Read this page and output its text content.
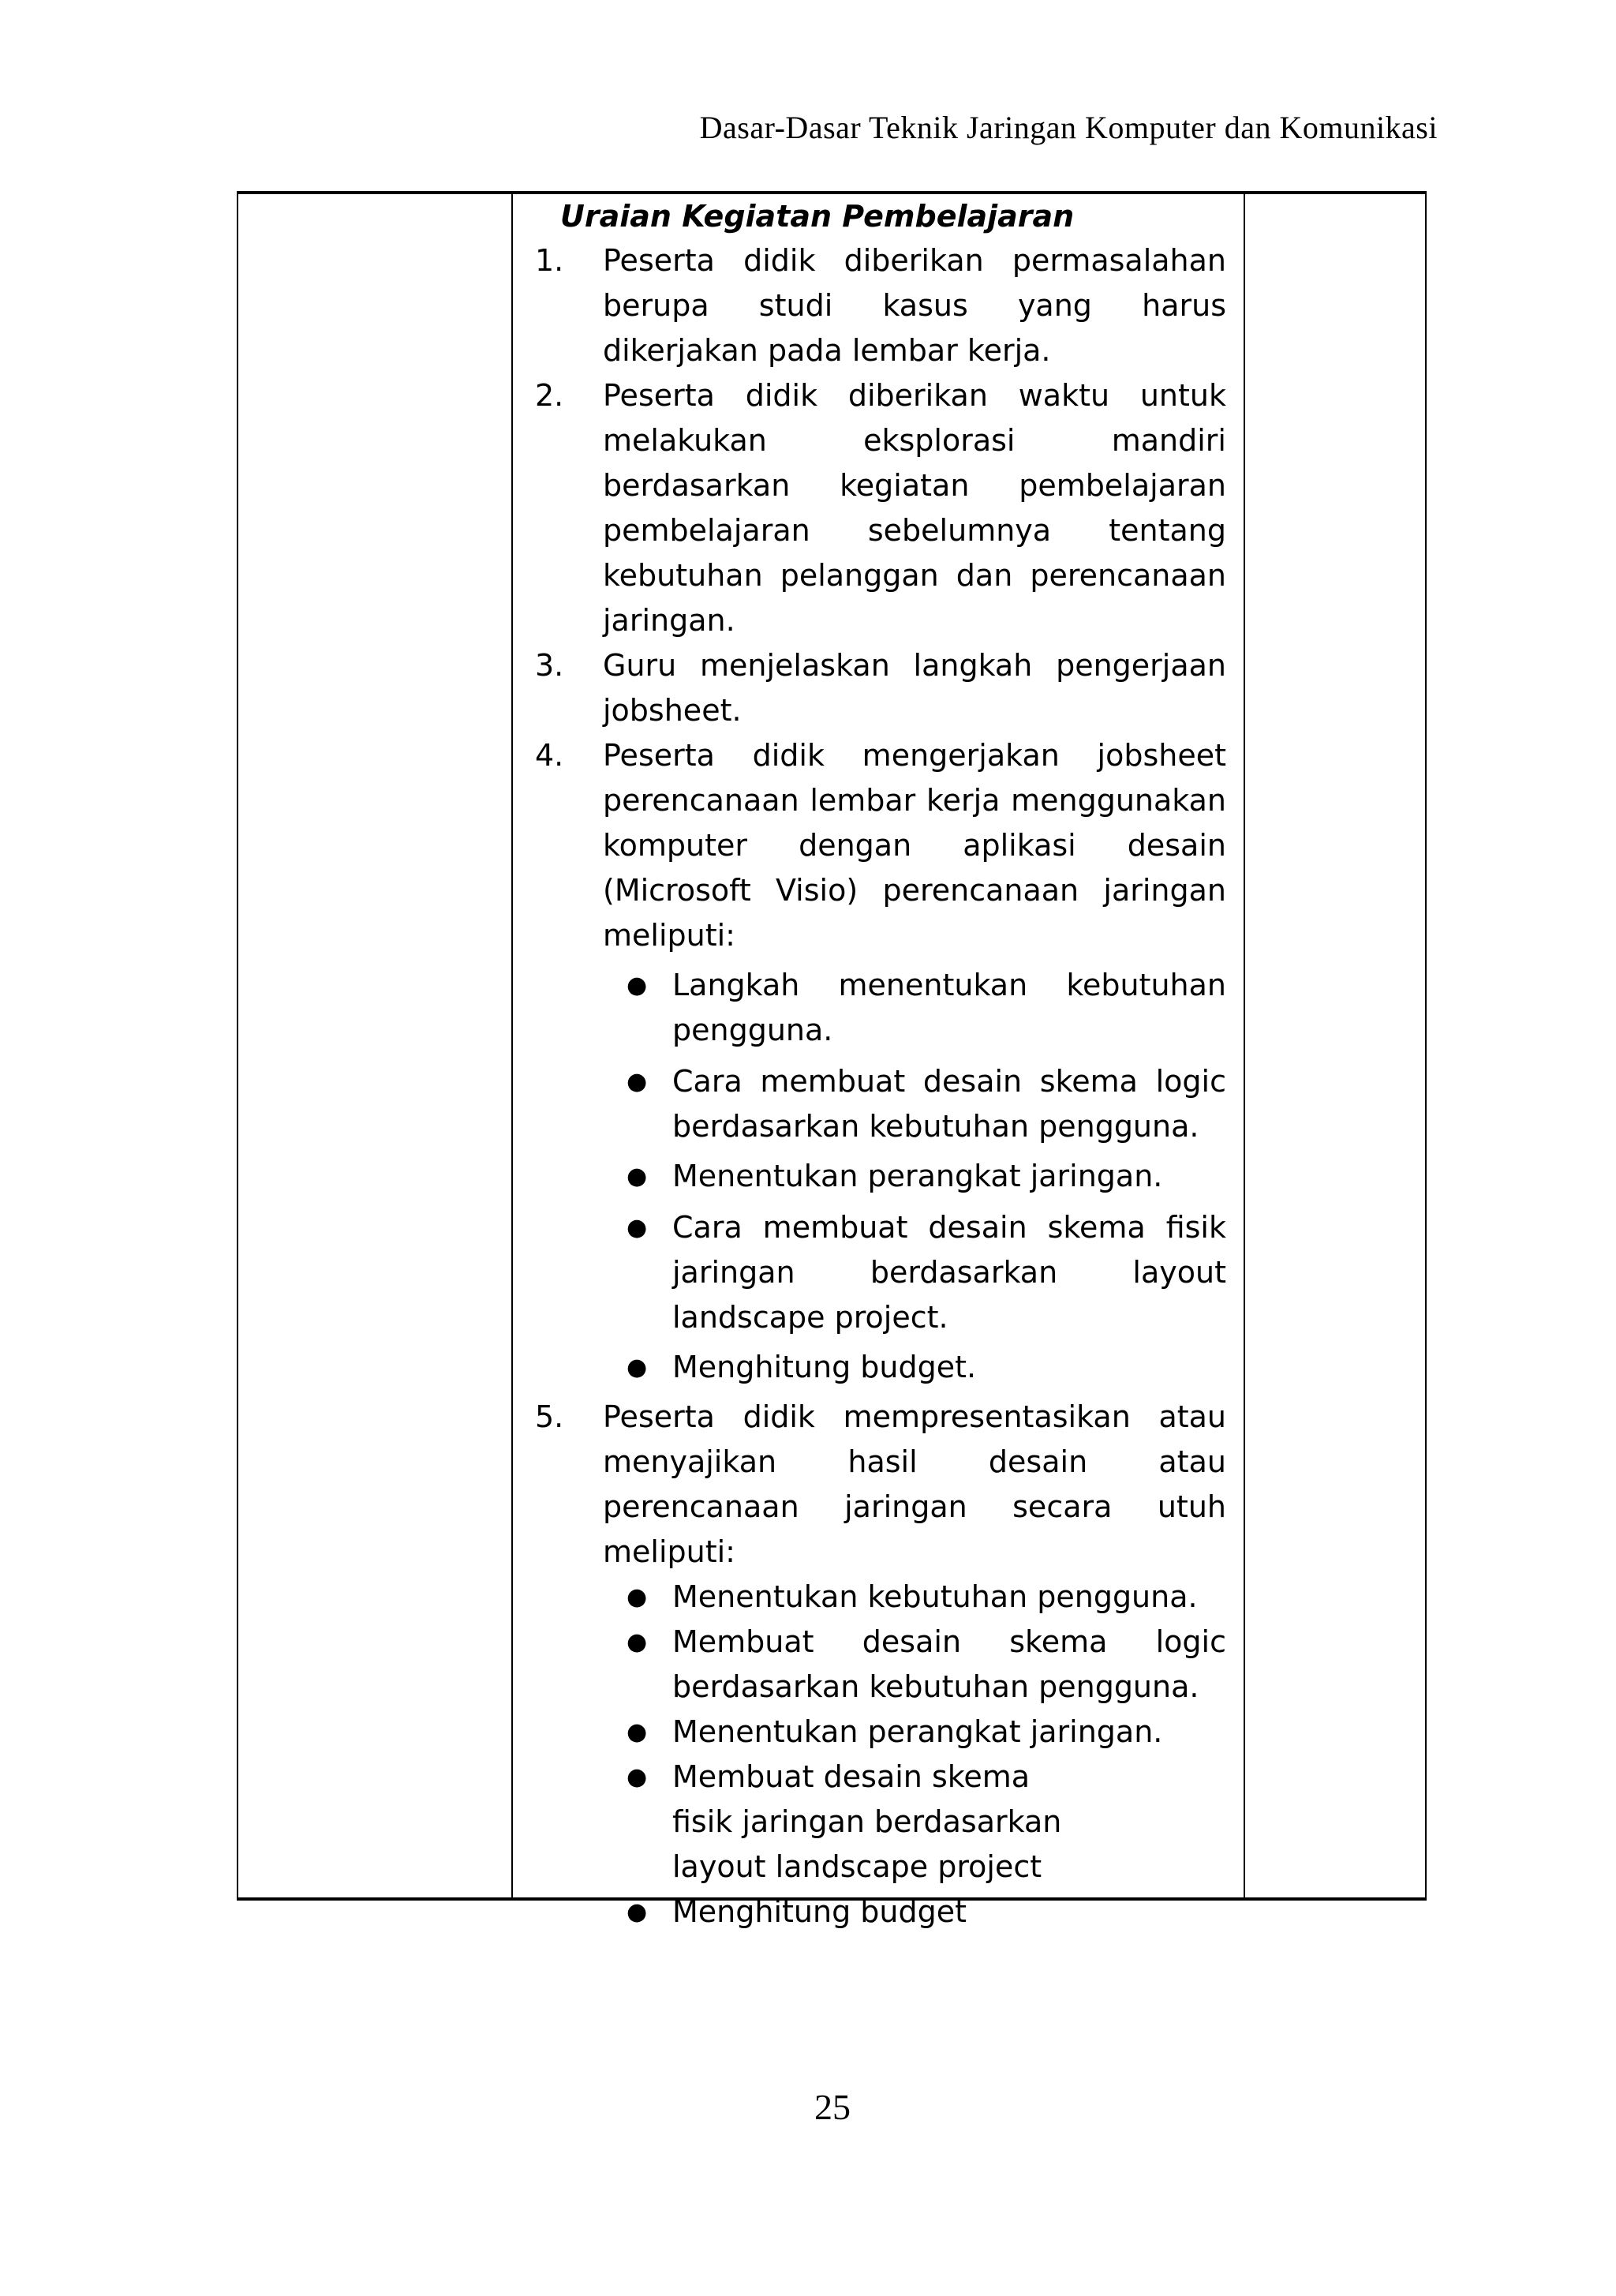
Dasar-Dasar Teknik Jaringan Komputer dan Komunikasi
Uraian Kegiatan Pembelajaran
1. Peserta didik diberikan permasalahan berupa studi kasus yang harus dikerjakan pada lembar kerja.
2. Peserta didik diberikan waktu untuk melakukan eksplorasi mandiri berdasarkan kegiatan pembelajaran pembelajaran sebelumnya tentang kebutuhan pelanggan dan perencanaan jaringan.
3. Guru menjelaskan langkah pengerjaan jobsheet.
4. Peserta didik mengerjakan jobsheet perencanaan lembar kerja menggunakan komputer dengan aplikasi desain (Microsoft Visio) perencanaan jaringan meliputi:
● Langkah menentukan kebutuhan pengguna.
● Cara membuat desain skema logic berdasarkan kebutuhan pengguna.
● Menentukan perangkat jaringan.
● Cara membuat desain skema fisik jaringan berdasarkan layout landscape project.
● Menghitung budget.
5. Peserta didik mempresentasikan atau menyajikan hasil desain atau perencanaan jaringan secara utuh meliputi:
● Menentukan kebutuhan pengguna.
● Membuat desain skema logic berdasarkan kebutuhan pengguna.
● Menentukan perangkat jaringan.
● Membuat desain skema fisik jaringan berdasarkan layout landscape project
● Menghitung budget
25
